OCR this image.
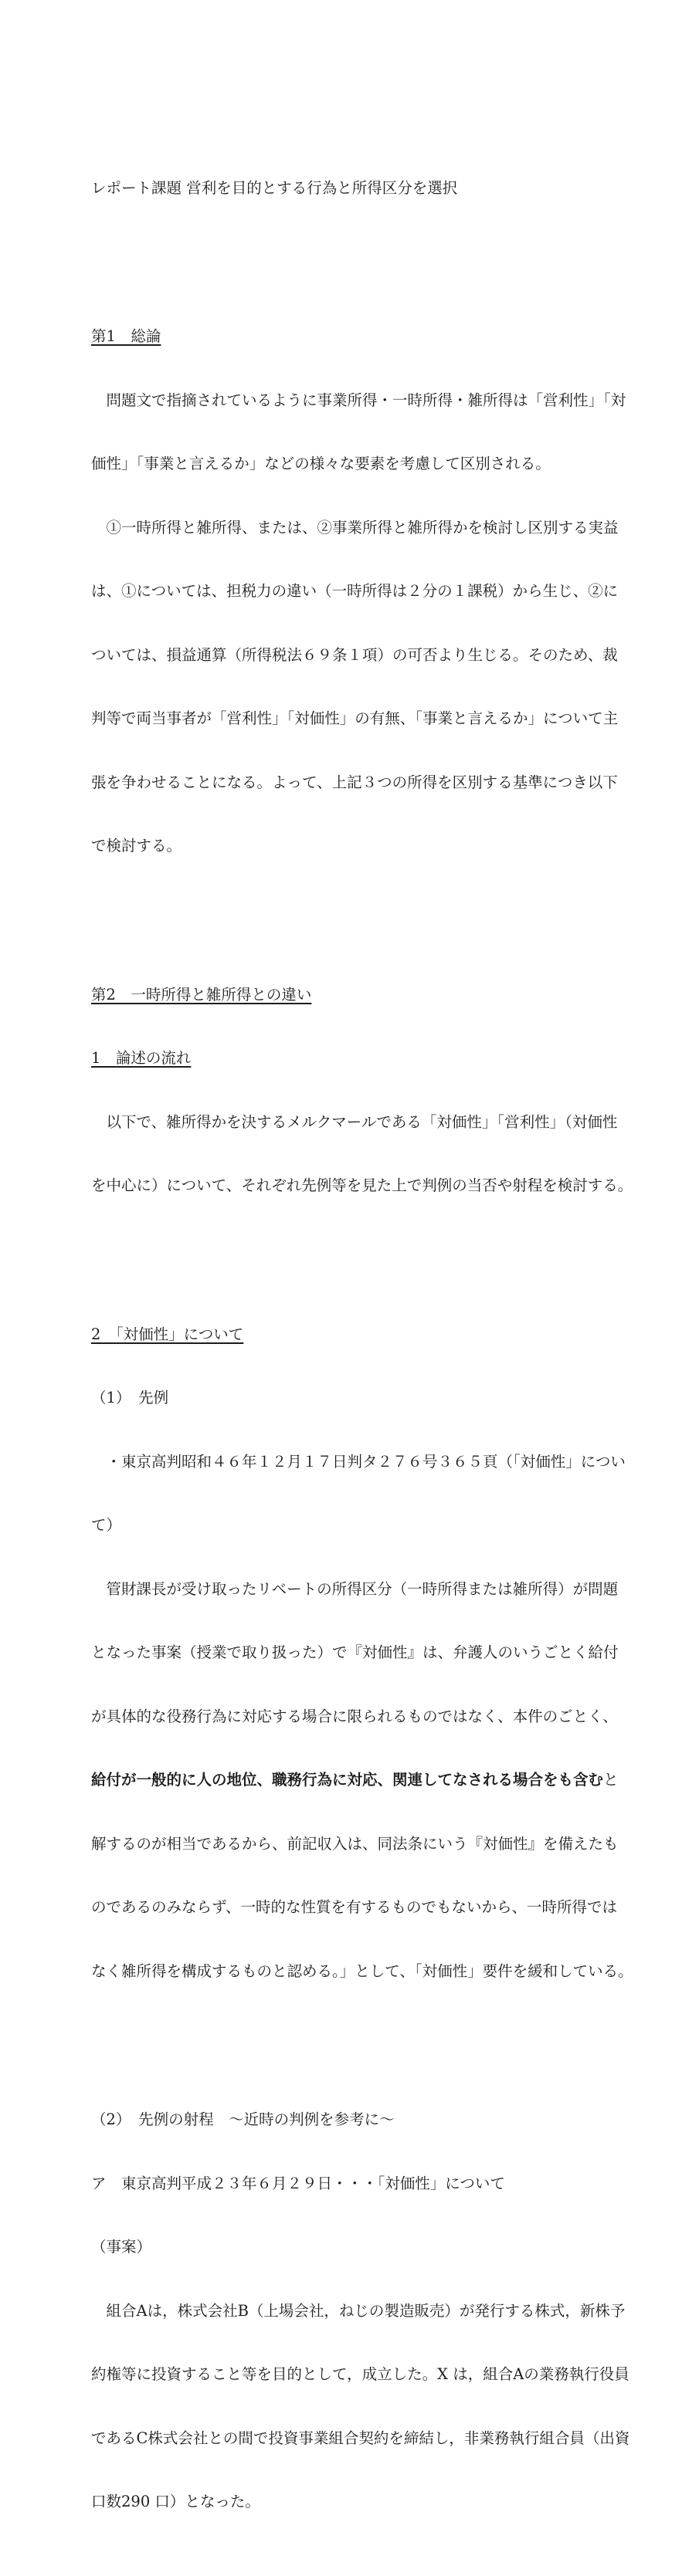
レポート課題 営利を目的とする行為と所得区分を選択

第1　総論

　問題文で指摘されているように事業所得・一時所得・雑所得は「営利性」「対

価性」「事業と言えるか」などの様々な要素を考慮して区別される。

　①一時所得と雑所得、または、②事業所得と雑所得かを検討し区別する実益

は、①については、担税力の違い（一時所得は２分の１課税）から生じ、②に

ついては、損益通算（所得税法６９条１項）の可否より生じる。そのため、裁

判等で両当事者が「営利性」「対価性」の有無、「事業と言えるか」について主

張を争わせることになる。よって、上記３つの所得を区別する基準につき以下

で検討する。

第2　一時所得と雑所得との違い

1　論述の流れ

　以下で、雑所得かを決するメルクマールである「対価性」「営利性」（対価性

を中心に）について、それぞれ先例等を見た上で判例の当否や射程を検討する。

2　「対価性」について

（1）　先例

　・東京高判昭和４６年１２月１７日判タ２７６号３６５頁（「対価性」につい

て）

　管財課長が受け取ったリベートの所得区分（一時所得または雑所得）が問題

となった事案（授業で取り扱った）で『対価性』は、弁護人のいうごとく給付

が具体的な役務行為に対応する場合に限られるものではなく、本件のごとく、

給付が一般的に人の地位、職務行為に対応、関連してなされる場合をも含むと

解するのが相当であるから、前記収入は、同法条にいう『対価性』を備えたも

のであるのみならず、一時的な性質を有するものでもないから、一時所得では

なく雑所得を構成するものと認める。」として、「対価性」要件を緩和している。

（2）　先例の射程　～近時の判例を参考に～

ア　東京高判平成２３年６月２９日・・・「対価性」について

（事案）

　組合Aは，株式会社B（上場会社，ねじの製造販売）が発行する株式，新株予

約権等に投資すること等を目的として，成立した。X は，組合Aの業務執行役員

であるC株式会社との間で投資事業組合契約を締結し，非業務執行組合員（出資

口数290 口）となった。
